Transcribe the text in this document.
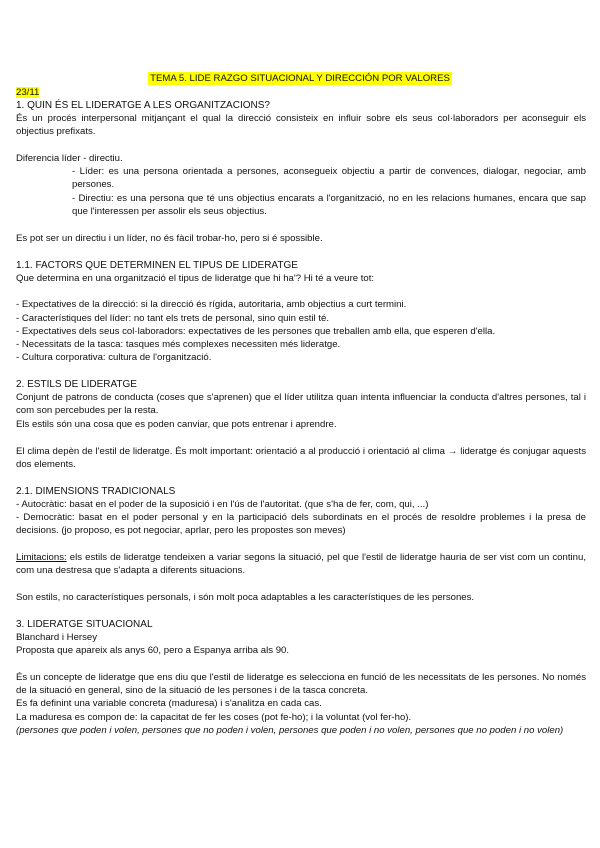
TEMA 5. LIDE RAZGO SITUACIONAL Y DIRECCIÓN POR VALORES
23/11
1. QUIN ÉS EL LIDERATGE A LES ORGANITZACIONS?
És un procés interpersonal mitjançant el qual la direcció consisteix en influir sobre els seus col·laboradors per aconseguir els objectius prefixats.
Diferencia líder - directiu.
- Líder: es una persona orientada a persones, aconsegueix objectiu a partir de convences, dialogar, negociar, amb persones.
- Directiu: es una persona que té uns objectius encarats a l'organització, no en les relacions humanes, encara que sap que l'interessen per assolir els seus objectius.
Es pot ser un directiu i un líder, no és fàcil trobar-ho, pero si é spossible.
1.1. FACTORS QUE DETERMINEN EL TIPUS DE LIDERATGE
Que determina en una organització el tipus de lideratge que hi ha'? Hi té a veure tot:
- Expectatives de la direcció: si la direcció és rígida, autoritaria, amb objectius a curt termini.
- Característiques del líder: no tant els trets de personal, sino quin estil té.
- Expectatives dels seus col·laboradors: expectatives de les persones que treballen amb ella, que esperen d'ella.
- Necessitats de la tasca: tasques més complexes necessiten més lideratge.
- Cultura corporativa: cultura de l'organització.
2. ESTILS DE LIDERATGE
Conjunt de patrons de conducta (coses que s'aprenen) que el líder utilitza quan intenta influenciar la conducta d'altres persones, tal i com son percebudes per la resta.
Els estils són una cosa que es poden canviar, que pots entrenar i aprendre.
El clima depèn de l'estil de lideratge. És molt important: orientació a al producció i orientació al clima → lideratge és conjugar aquests dos elements.
2.1. DIMENSIONS TRADICIONALS
- Autocràtic: basat en el poder de la suposició i en l'ús de l'autoritat. (que s'ha de fer, com, qui, ...)
- Democràtic: basat en el poder personal y en la participació dels subordinats en el procés de resoldre problemes i la presa de decisions. (jo proposo, es pot negociar, aprlar, pero les propostes son meves)
Limitacions: els estils de lideratge tendeixen a variar segons la situació, pel que l'estil de lideratge hauria de ser vist com un continu, com una destresa que s'adapta a diferents situacions.
Son estils, no característiques personals, i són molt poca adaptables a les característiques de les persones.
3. LIDERATGE SITUACIONAL
Blanchard i Hersey
Proposta que apareix als anys 60, pero a Espanya arriba als 90.
És un concepte de lideratge que ens diu que l'estil de lideratge es selecciona en funció de les necessitats de les persones. No només de la situació en general, sino de la situació de les persones i de la tasca concreta.
Es fa definint una variable concreta (maduresa) i s'analitza en cada cas.
La maduresa es compon de: la capacitat de fer les coses (pot fe-ho); i la voluntat (vol fer-ho).
(persones que poden i volen, persones que no poden i volen, persones que poden i no volen, persones que no poden i no volen)
